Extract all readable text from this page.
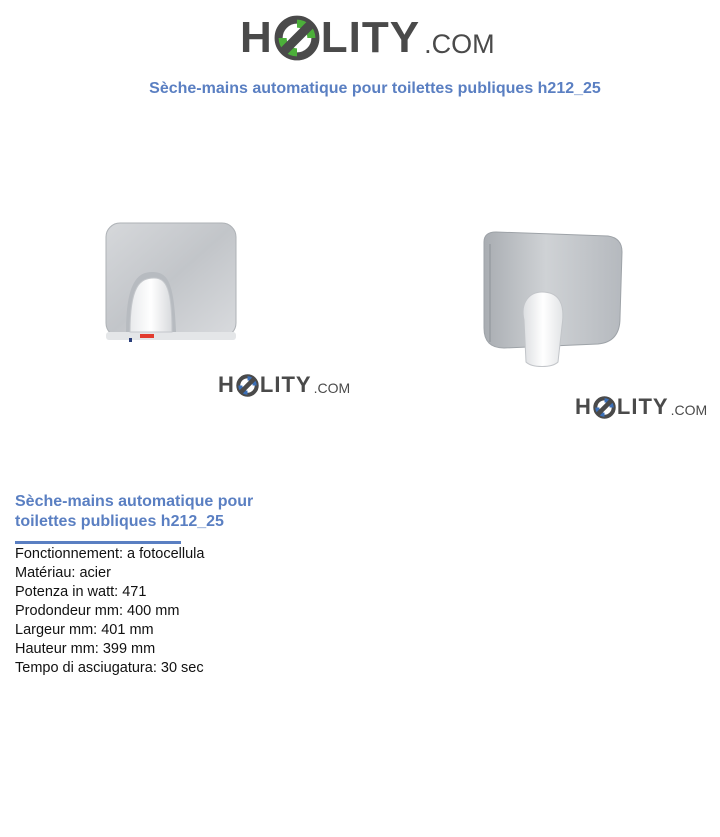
H LITY .COM
Sèche-mains automatique pour toilettes publiques h212_25
H LITY .COM
H LITY .COM
Sèche-mains automatique pour
toilettes publiques h212_25
Fonctionnement: a fotocellula
Matériau: acier
Potenza in watt: 471
Prodondeur mm: 400 mm
Largeur mm: 401 mm
Hauteur mm: 399 mm
Tempo di asciugatura: 30 sec
